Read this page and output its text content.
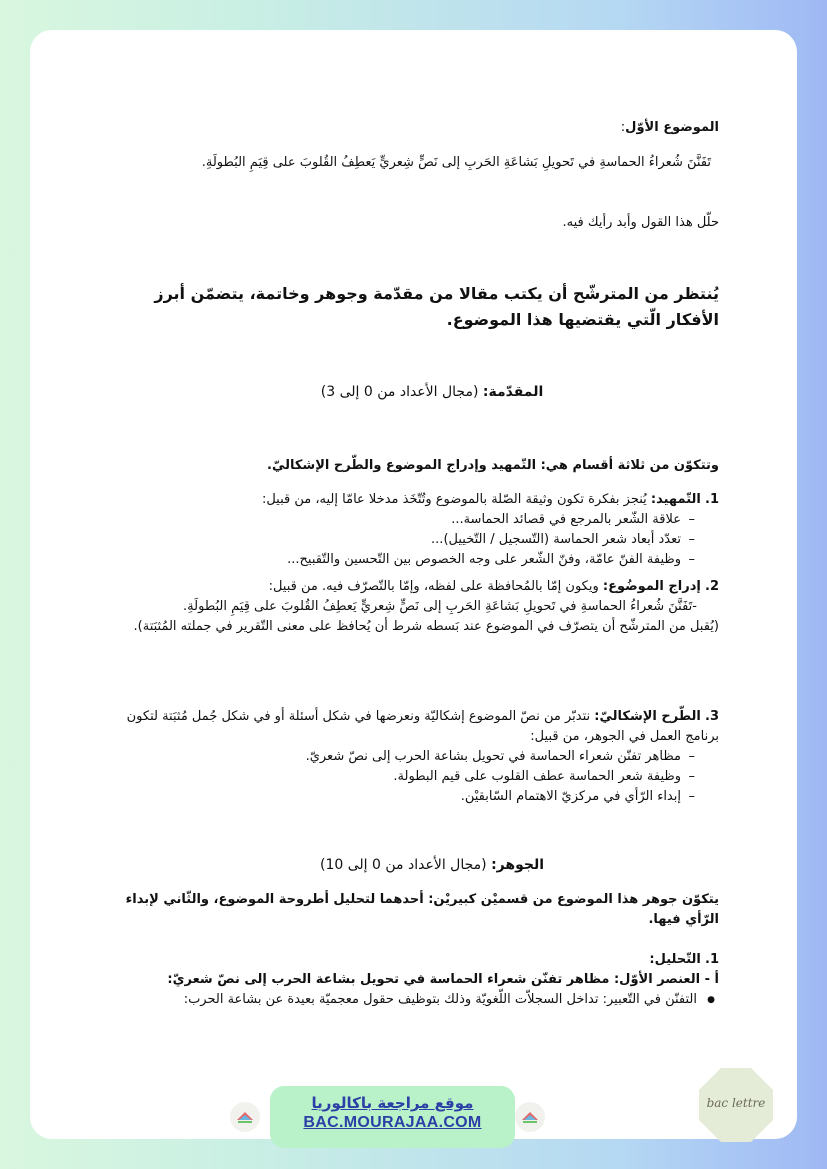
الموضوع الأوّل:

تَفَنَّنَ شُعراءُ الحماسةِ في تَحويلِ بَشاعَةِ الحَربِ إلى نَصٍّ شِعريٍّ يَعطِفُ القُلوبَ على قِيَمِ البُطولَةِ.

حلّل هذا القول وأبد رأيك فيه.

يُنتظر من المترشّح أن يكتب مقالا من مقدّمة وجوهر وخاتمة، يتضمّن أبرز الأفكار الّتي يقتضيها هذا الموضوع.

المقدّمة: (مجال الأعداد من 0 إلى 3)

وتتكوّن من ثلاثة أقسام هي: التّمهيد وإدراج الموضوع والطّرح الإشكاليّ.

1. التّمهيد: يُنجز بفكرة تكون وثيقة الصّلة بالموضوع وتُتّخَذ مدخلا عامّا إليه، من قبيل:
– علاقة الشّعر بالمرجع في قصائد الحماسة...
– تعدّد أبعاد شعر الحماسة (التّسجيل / التّخييل)...
– وظيفة الفنّ عامّة، وفنّ الشّعر على وجه الخصوص بين التّحسين والتّقبيح...
2. إدراج الموضُوع: ويكون إمّا بالمُحافظة على لفظه، وإمّا بالتّصرّف فيه. من قبيل:
-تَفَنَّنَ شُعراءُ الحماسةِ في تَحويلِ بَشاعَةِ الحَربِ إلى نَصٍّ شِعريٍّ يَعطِفُ القُلوبَ على قِيَمِ البُطولَةِ.
(يُقبل من المترشّح أن يتصرّف في الموضوع عند بَسطه شرط أن يُحافظ على معنى التّقرير في جملته المُثبَتة).
3. الطّرح الإشكاليّ: نتدبّر من نصّ الموضوع إشكاليّة ونعرضها في شكل أسئلة أو في شكل جُمل مُثبَتة لتكون برنامج العمل في الجوهر، من قبيل:
– مظاهر تفنّن شعراء الحماسة في تحويل بشاعة الحرب إلى نصّ شعريّ.
– وظيفة شعر الحماسة عطف القلوب على قيم البطولة.
– إبداء الرّأي في مركزيّ الاهتمام السّابقيْن.

الجوهر: (مجال الأعداد من 0 إلى 10)

يتكوّن جوهر هذا الموضوع من قسميْن كبيريْن: أحدهما لتحليل أطروحة الموضوع، والثّاني لإبداء الرّأي فيها.

1. التّحليل:
أ - العنصر الأوّل: مظاهر تفنّن شعراء الحماسة في تحويل بشاعة الحرب إلى نصّ شعريّ:
● التفنّن في التّعبير: تداخل السجلاّت اللّغويّة وذلك بتوظيف حقول معجميّة بعيدة عن بشاعة الحرب:
موقع مراجعة باكالوريا
BAC.MOURAJAA.COM
bac lettre
